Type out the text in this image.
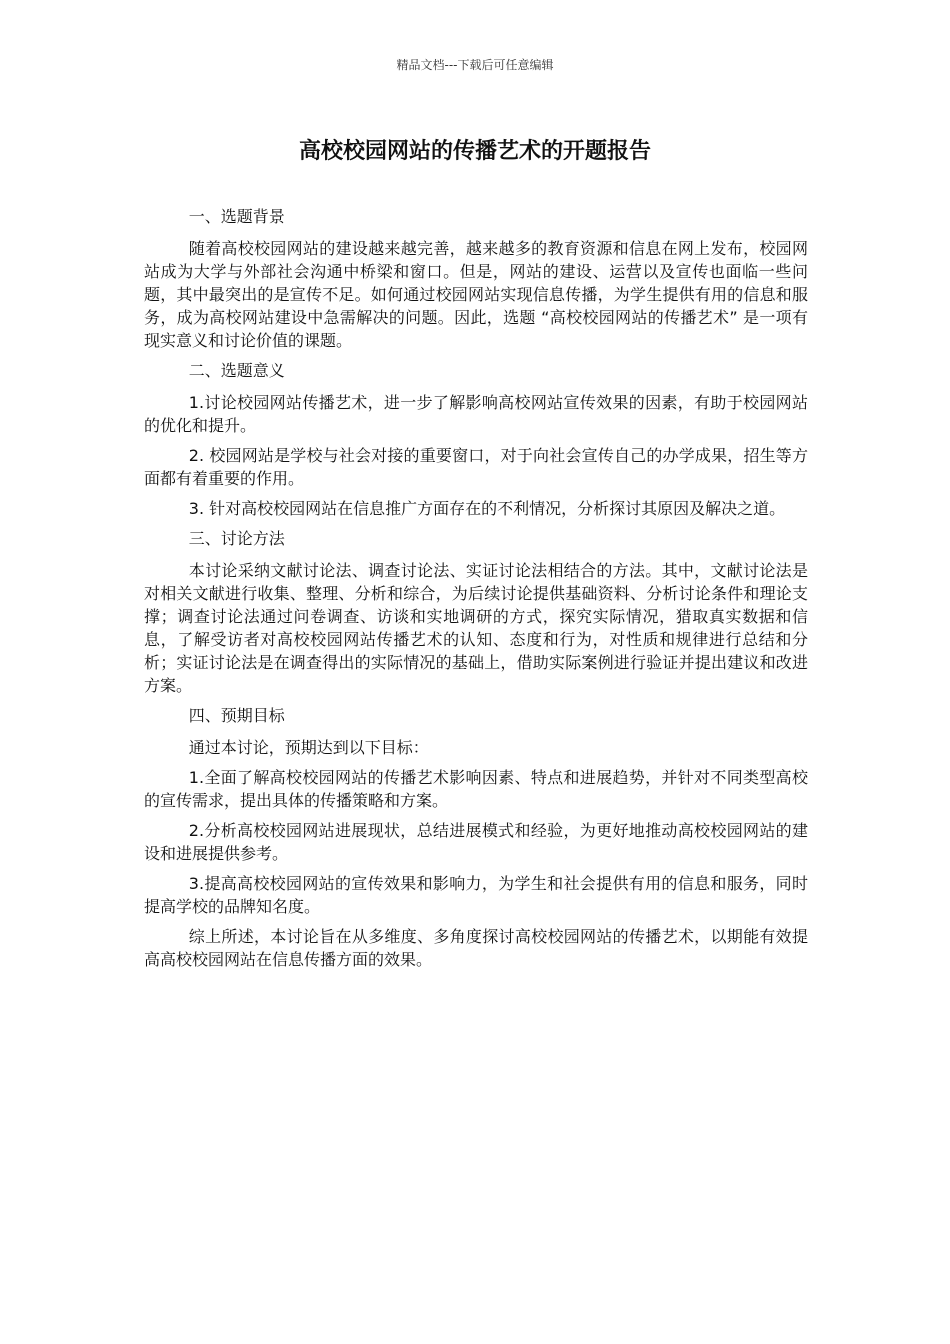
精品文档---下载后可任意编辑
高校校园网站的传播艺术的开题报告

一、选题背景

随着高校校园网站的建设越来越完善，越来越多的教育资源和信息在网上发布，校园网站成为大学与外部社会沟通中桥梁和窗口。但是，网站的建设、运营以及宣传也面临一些问题，其中最突出的是宣传不足。如何通过校园网站实现信息传播，为学生提供有用的信息和服务，成为高校网站建设中急需解决的问题。因此，选题 “高校校园网站的传播艺术” 是一项有现实意义和讨论价值的课题。

二、选题意义

1.讨论校园网站传播艺术，进一步了解影响高校网站宣传效果的因素，有助于校园网站的优化和提升。

2. 校园网站是学校与社会对接的重要窗口，对于向社会宣传自己的办学成果，招生等方面都有着重要的作用。

3. 针对高校校园网站在信息推广方面存在的不利情况，分析探讨其原因及解决之道。

三、讨论方法

本讨论采纳文献讨论法、调查讨论法、实证讨论法相结合的方法。其中，文献讨论法是对相关文献进行收集、整理、分析和综合，为后续讨论提供基础资料、分析讨论条件和理论支撑；调查讨论法通过问卷调查、访谈和实地调研的方式，探究实际情况，猎取真实数据和信息，了解受访者对高校校园网站传播艺术的认知、态度和行为，对性质和规律进行总结和分析；实证讨论法是在调查得出的实际情况的基础上，借助实际案例进行验证并提出建议和改进方案。

四、预期目标

通过本讨论，预期达到以下目标：

1.全面了解高校校园网站的传播艺术影响因素、特点和进展趋势，并针对不同类型高校的宣传需求，提出具体的传播策略和方案。

2.分析高校校园网站进展现状，总结进展模式和经验，为更好地推动高校校园网站的建设和进展提供参考。

3.提高高校校园网站的宣传效果和影响力，为学生和社会提供有用的信息和服务，同时提高学校的品牌知名度。

综上所述，本讨论旨在从多维度、多角度探讨高校校园网站的传播艺术，以期能有效提高高校校园网站在信息传播方面的效果。
